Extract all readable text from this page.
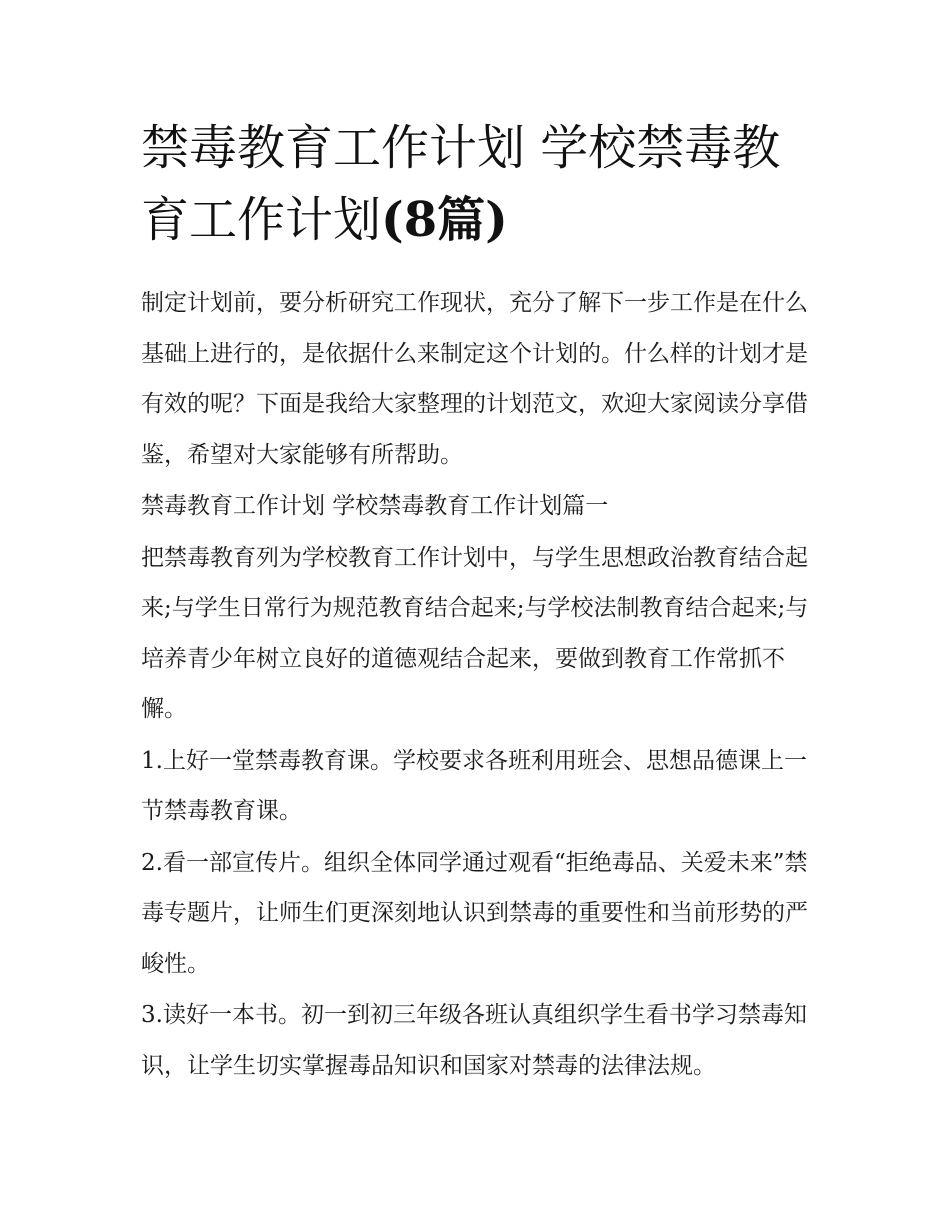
禁毒教育工作计划 学校禁毒教育工作计划(8篇)

制定计划前，要分析研究工作现状，充分了解下一步工作是在什么基础上进行的，是依据什么来制定这个计划的。什么样的计划才是有效的呢？下面是我给大家整理的计划范文，欢迎大家阅读分享借鉴，希望对大家能够有所帮助。

禁毒教育工作计划 学校禁毒教育工作计划篇一

把禁毒教育列为学校教育工作计划中，与学生思想政治教育结合起来;与学生日常行为规范教育结合起来;与学校法制教育结合起来;与培养青少年树立良好的道德观结合起来，要做到教育工作常抓不懈。

1.上好一堂禁毒教育课。学校要求各班利用班会、思想品德课上一节禁毒教育课。

2.看一部宣传片。组织全体同学通过观看“拒绝毒品、关爱未来”禁毒专题片，让师生们更深刻地认识到禁毒的重要性和当前形势的严峻性。

3.读好一本书。初一到初三年级各班认真组织学生看书学习禁毒知识，让学生切实掌握毒品知识和国家对禁毒的法律法规。
